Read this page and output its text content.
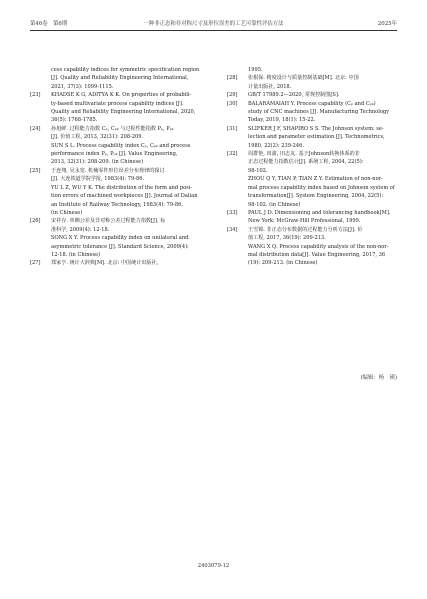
第46卷　第6期	一种非正态和非对称尺寸及形位误差的工艺可靠性评估方法	2025年

cess capability indices for symmetric specification region
[J]. Quality and Reliability Engineering International,
2021, 37(3): 1099-1115.

[23] KHADSE K G, ADITYA K K. On properties of probabili-
ty-based multivariate process capability indices [J].
Quality and Reliability Engineering International, 2020,
36(5): 1768-1785.

[24] 孙旭鲜. 过程能力指数 Cₚ, Cₚₖ 与过程性能指数 Pₚ, Pₚₖ
[J]. 价值工程, 2013, 32(31): 208-209.

SUN S L. Process capability index Cₚ, Cₚₖ and process
performance index Pₚ, Pₚₖ [J]. Value Engineering,
2013, 32(31): 208-209. (in Chinese)

[25] 于连翔, 吴永宽. 机械零件形位误差分布规律的探讨
[J]. 大连铁道学院学报, 1983(4): 79-86.

YU L Z, WU Y K. The distribution of the form and posi-
tion errors of machined workpieces [J]. Journal of Dalian
an Institute of Railway Technology, 1983(4): 79-86.
(in Chinese)

[26] 宋祥存. 单侧公差及非对称公差过程能力指数[J]. 标
准科学, 2009(4): 12-18.

SONG X Y. Process capability index on unilateral and
asymmetric tolerance [J]. Standard Science, 2009(4):
12-18. (in Chinese)

[27] 郑家亨. 统计大辞典[M]. 北京: 中国统计出版社,

1995.

[28] 张根保. 精度设计与质量控制基础[M]. 北京: 中国
计量出版社, 2018.

[29] GB/T 17989.2—2020, 常规控制图[S].

[30] BALARAMAIAH Y. Process capability (Cₚ and Cₚₖ)
study of CNC machines [J]. Manufacturing Technology
Today, 2019, 18(1): 15-22.

[31] SLIFKER J F, SHAPIRO S S. The Johnson system: se-
lection and parameter estimation [J]. Technometrics,
1980, 22(2): 239-246.

[32] 周群艳, 田澍, 田志友. 基于Johnson转换体系的非
正态过程能力指数估计[J]. 系统工程, 2004, 22(5):
98-102.

ZHOU Q Y, TIAN P, TIAN Z Y. Estimation of non-nor-
mal process capability index based on Johnson system of
transformation[J]. System Engineering, 2004, 22(5):
98-102. (in Chinese)

[33] PAUL J D. Dimensioning and tolerancing handbook[M].
New York: McGraw-Hill Professional, 1999.

[34] 王雪锦. 非正态分布数据的过程能力分析方法[J]. 价
值工程, 2017, 36(19): 209-213.

WANG X Q. Process capability analysis of the non-nor-
mal distribution data[J]. Value Engineering, 2017, 36
(19): 209-213. (in Chinese)

(编辑：杨　瑛)
2403079-12
